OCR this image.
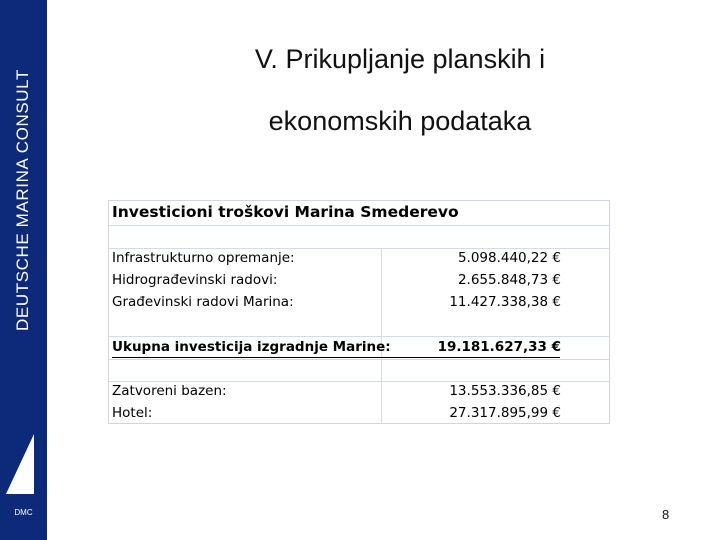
DEUTSCHE MARINA CONSULT
DMC
V. Prikupljanje planskih i
ekonomskih podataka
Investicioni troškovi Marina Smederevo
Infrastrukturno opremanje:	5.098.440,22 €
Hidrograđevinski radovi:	2.655.848,73 €
Građevinski radovi Marina:	11.427.338,38 €
Ukupna investicija izgradnje Marine:	19.181.627,33 €
Zatvoreni bazen:	13.553.336,85 €
Hotel:	27.317.895,99 €
8
